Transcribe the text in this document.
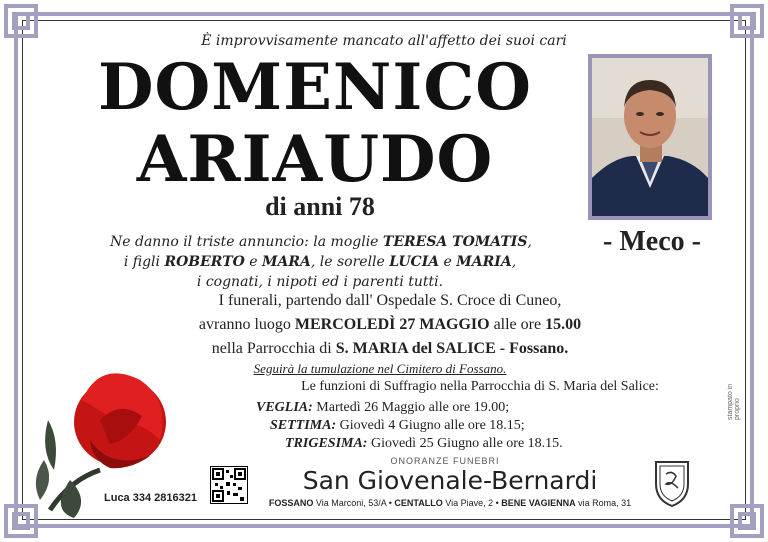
È improvvisamente mancato all'affetto dei suoi cari
DOMENICO
ARIAUDO
di anni 78
- Meco -
Ne danno il triste annuncio: la moglie TERESA TOMATIS,
i figli ROBERTO e MARA, le sorelle LUCIA e MARIA,
i cognati, i nipoti ed i parenti tutti.
I funerali, partendo dall' Ospedale S. Croce di Cuneo,
avranno luogo MERCOLEDÌ 27 MAGGIO alle ore 15.00
nella Parrocchia di S. MARIA del SALICE - Fossano.
Seguirà la tumulazione nel Cimitero di Fossano.
Le funzioni di Suffragio nella Parrocchia di S. Maria del Salice:
VEGLIA: Martedì 26 Maggio alle ore 19.00;
SETTIMA: Giovedì 4 Giugno alle ore 18.15;
TRIGESIMA: Giovedì 25 Giugno alle ore 18.15.
Luca 334 2816321
ONORANZE FUNEBRI
San Giovenale-Bernardi
FOSSANO Via Marconi, 53/A • CENTALLO Via Piave, 2 • BENE VAGIENNA via Roma, 31
stampato in proprio
